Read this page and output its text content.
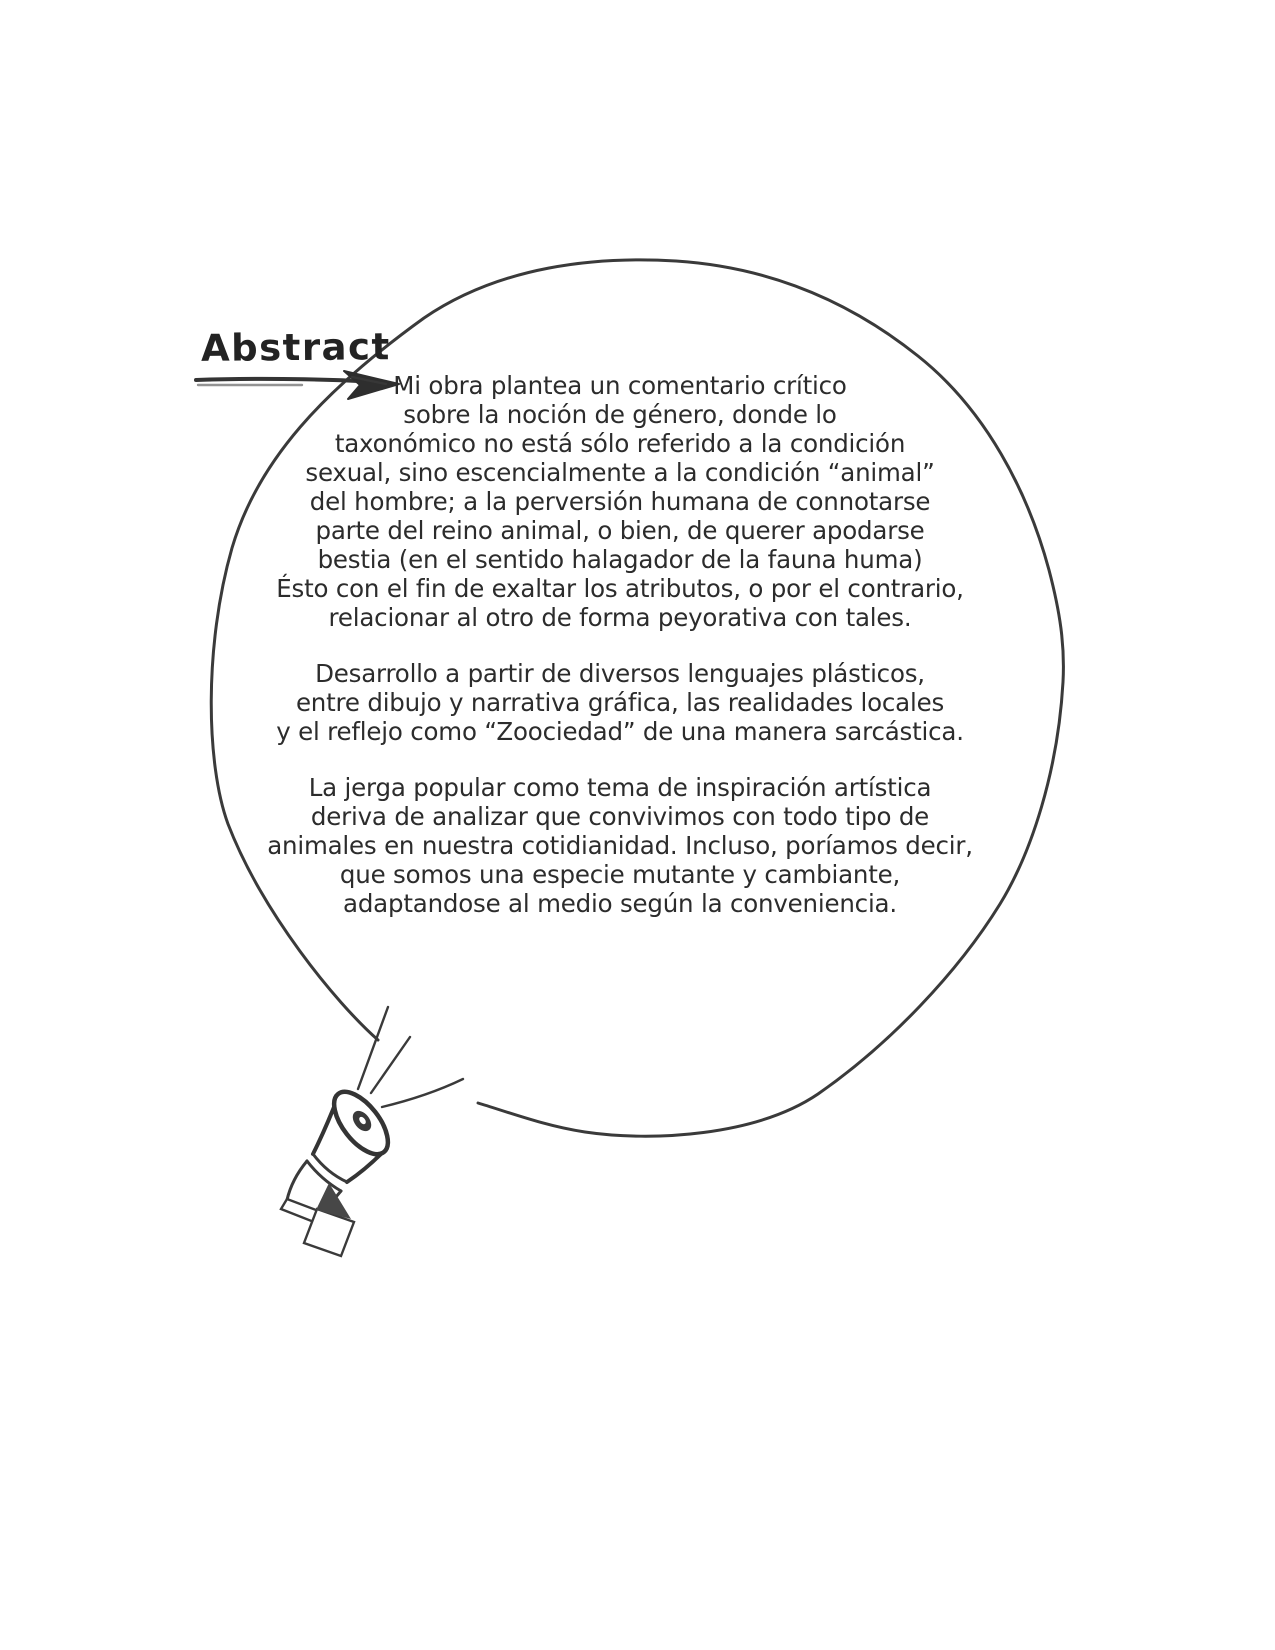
Abstract
Mi obra plantea un comentario crítico
sobre la noción de género, donde lo
taxonómico no está sólo referido a la condición
sexual, sino escencialmente a la condición “animal”
del hombre; a la perversión humana de connotarse
parte del reino animal, o bien, de querer apodarse
bestia (en el sentido halagador de la fauna huma)
Ésto con el fin de exaltar los atributos, o por el contrario,
relacionar al otro de forma peyorativa con tales.
Desarrollo a partir de diversos lenguajes plásticos,
entre dibujo y narrativa gráfica, las realidades locales
y el reflejo como “Zoociedad” de una manera sarcástica.
La jerga popular como tema de inspiración artística
deriva de analizar que convivimos con todo tipo de
animales en nuestra cotidianidad. Incluso, poríamos decir,
que somos una especie mutante y cambiante,
adaptandose al medio según la conveniencia.
